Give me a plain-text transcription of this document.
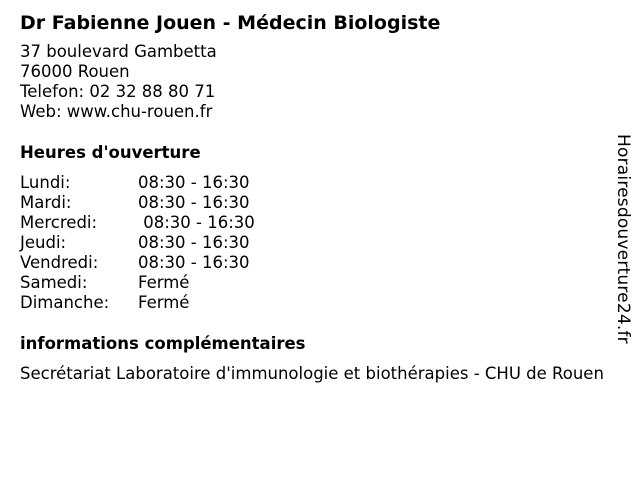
Dr Fabienne Jouen - Médecin Biologiste
37 boulevard Gambetta
76000 Rouen
Telefon: 02 32 88 80 71
Web: www.chu-rouen.fr
Heures d'ouverture
Lundi:	08:30 - 16:30
Mardi:	08:30 - 16:30
Mercredi:	08:30 - 16:30
Jeudi:	08:30 - 16:30
Vendredi:	08:30 - 16:30
Samedi:	Fermé
Dimanche:	Fermé
informations complémentaires
Secrétariat Laboratoire d'immunologie et biothérapies - CHU de Rouen
Horairesdouverture24.fr
